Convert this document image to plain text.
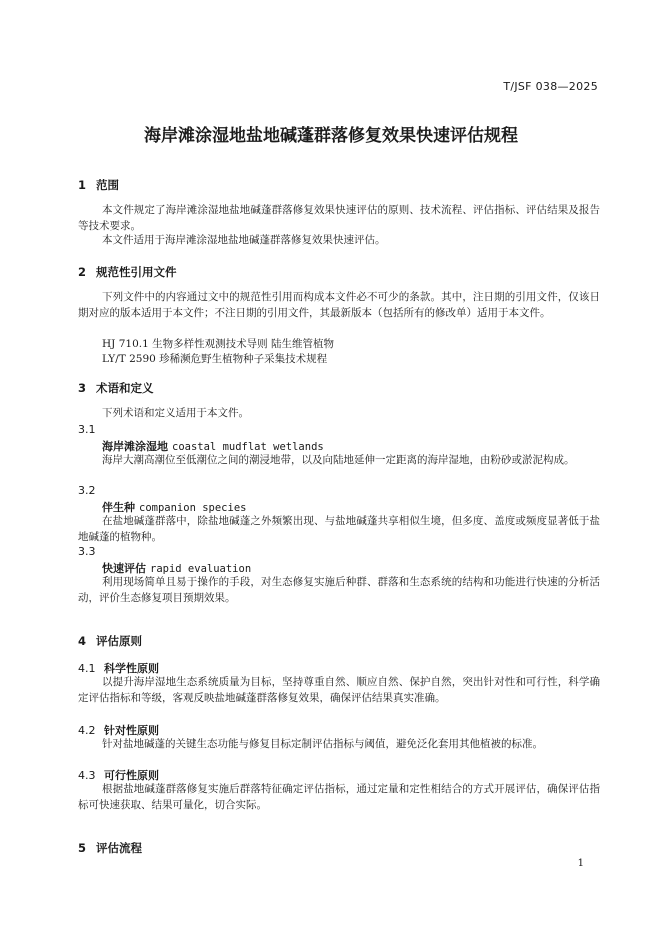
T/JSF 038—2025
海岸滩涂湿地盐地碱蓬群落修复效果快速评估规程
1 范围

本文件规定了海岸滩涂湿地盐地碱蓬群落修复效果快速评估的原则、技术流程、评估指标、评估结果及报告等技术要求。

本文件适用于海岸滩涂湿地盐地碱蓬群落修复效果快速评估。

2 规范性引用文件

下列文件中的内容通过文中的规范性引用而构成本文件必不可少的条款。其中，注日期的引用文件，仅该日期对应的版本适用于本文件；不注日期的引用文件，其最新版本（包括所有的修改单）适用于本文件。

HJ 710.1 生物多样性观测技术导则 陆生维管植物
LY/T 2590 珍稀濒危野生植物种子采集技术规程
3 术语和定义

下列术语和定义适用于本文件。

3.1
海岸滩涂湿地 coastal mudflat wetlands

海岸大潮高潮位至低潮位之间的潮浸地带，以及向陆地延伸一定距离的海岸湿地，由粉砂或淤泥构成。

3.2
伴生种 companion species

在盐地碱蓬群落中，除盐地碱蓬之外频繁出现、与盐地碱蓬共享相似生境，但多度、盖度或频度显著低于盐地碱蓬的植物种。

3.3
快速评估 rapid evaluation

利用现场简单且易于操作的手段，对生态修复实施后种群、群落和生态系统的结构和功能进行快速的分析活动，评价生态修复项目预期效果。

4 评估原则
4.1 科学性原则

以提升海岸湿地生态系统质量为目标，坚持尊重自然、顺应自然、保护自然，突出针对性和可行性，科学确定评估指标和等级，客观反映盐地碱蓬群落修复效果，确保评估结果真实准确。

4.2 针对性原则

针对盐地碱蓬的关键生态功能与修复目标定制评估指标与阈值，避免泛化套用其他植被的标准。

4.3 可行性原则

根据盐地碱蓬群落修复实施后群落特征确定评估指标，通过定量和定性相结合的方式开展评估，确保评估指标可快速获取、结果可量化，切合实际。

5 评估流程
1
